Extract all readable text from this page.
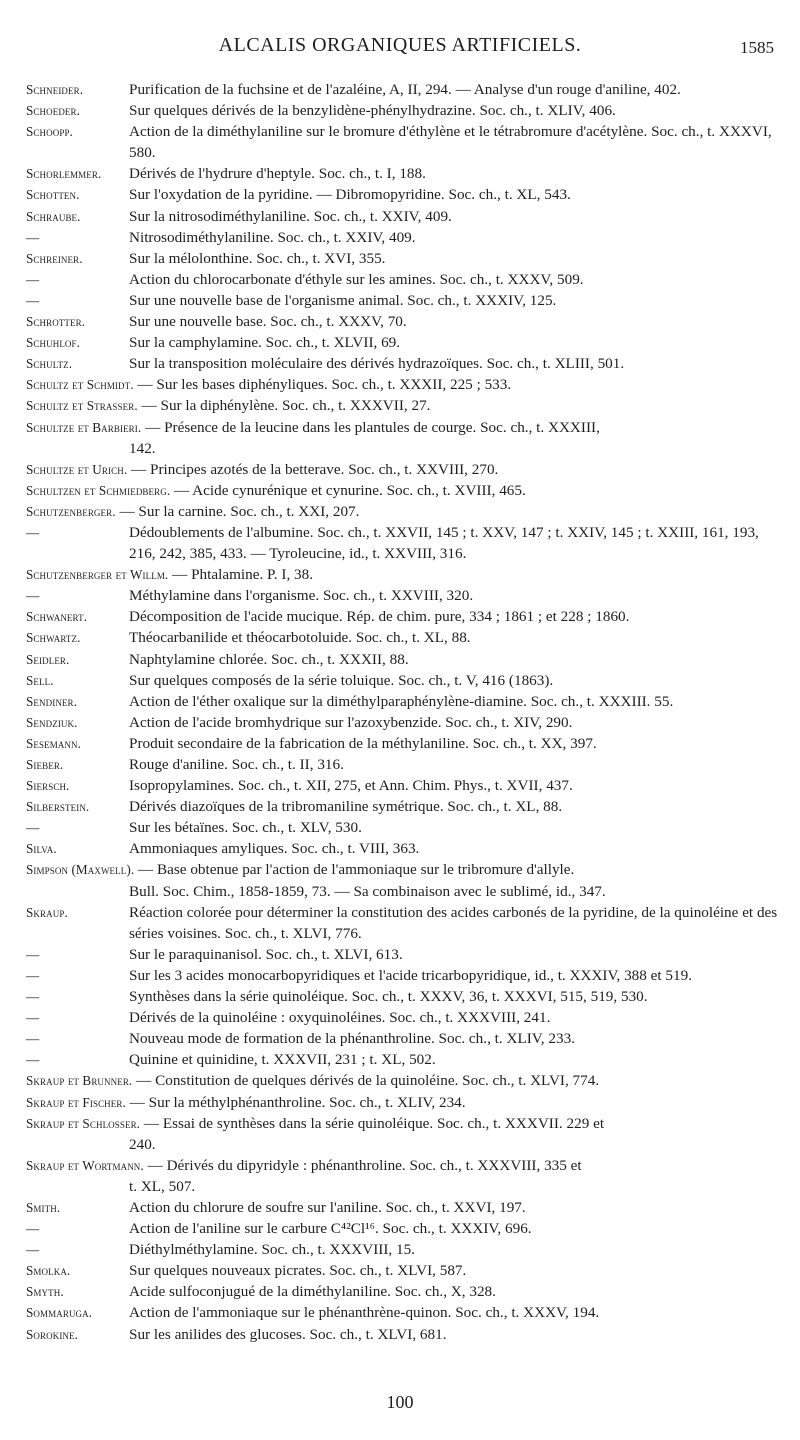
ALCALIS ORGANIQUES ARTIFICIELS.	1585
Schneider.	Purification de la fuchsine et de l'azaléine, A, II, 294. — Analyse d'un rouge d'aniline, 402.
Schoeder.	Sur quelques dérivés de la benzylidène-phénylhydrazine. Soc. ch., t. XLIV, 406.
Schoopp.	Action de la diméthylaniline sur le bromure d'éthylène et le tétrabromure d'acétylène. Soc. ch., t. XXXVI, 580.
Schorlemmer.	Dérivés de l'hydrure d'heptyle. Soc. ch., t. I, 188.
Schotten.	Sur l'oxydation de la pyridine. — Dibromopyridine. Soc. ch., t. XL, 543.
Schraube.	Sur la nitrosodiméthylaniline. Soc. ch., t. XXIV, 409.
—	Nitrosodiméthylaniline. Soc. ch., t. XXIV, 409.
Schreiner.	Sur la mélolonthine. Soc. ch., t. XVI, 355.
—	Action du chlorocarbonate d'éthyle sur les amines. Soc. ch., t. XXXV, 509.
—	Sur une nouvelle base de l'organisme animal. Soc. ch., t. XXXIV, 125.
Schrotter.	Sur une nouvelle base. Soc. ch., t. XXXV, 70.
Schuhlof.	Sur la camphylamine. Soc. ch., t. XLVII, 69.
Schultz.	Sur la transposition moléculaire des dérivés hydrazoïques. Soc. ch., t. XLIII, 501.
Schultz et Schmidt. — Sur les bases diphényliques. Soc. ch., t. XXXII, 225 ; 533.
Schultz et Strasser. — Sur la diphénylène. Soc. ch., t. XXXVII, 27.
Schultze et Barbieri. — Présence de la leucine dans les plantules de courge. Soc. ch., t. XXXIII,
142.
Schultze et Urich. — Principes azotés de la betterave. Soc. ch., t. XXVIII, 270.
Schultzen et Schmiedberg. — Acide cynurénique et cynurine. Soc. ch., t. XVIII, 465.
Schutzenberger. — Sur la carnine. Soc. ch., t. XXI, 207.
—	Dédoublements de l'albumine. Soc. ch., t. XXVII, 145 ; t. XXV, 147 ; t. XXIV, 145 ; t. XXIII, 161, 193, 216, 242, 385, 433. — Tyroleucine, id., t. XXVIII, 316.
Schutzenberger et Willm. — Phtalamine. P. I, 38.
—	Méthylamine dans l'organisme. Soc. ch., t. XXVIII, 320.
Schwanert.	Décomposition de l'acide mucique. Rép. de chim. pure, 334 ; 1861 ; et 228 ; 1860.
Schwartz.	Théocarbanilide et théocarbotoluide. Soc. ch., t. XL, 88.
Seidler.	Naphtylamine chlorée. Soc. ch., t. XXXII, 88.
Sell.	Sur quelques composés de la série toluique. Soc. ch., t. V, 416 (1863).
Sendiner.	Action de l'éther oxalique sur la diméthylparaphénylène-diamine. Soc. ch., t. XXXIII. 55.
Sendziuk.	Action de l'acide bromhydrique sur l'azoxybenzide. Soc. ch., t. XIV, 290.
Sesemann.	Produit secondaire de la fabrication de la méthylaniline. Soc. ch., t. XX, 397.
Sieber.	Rouge d'aniline. Soc. ch., t. II, 316.
Siersch.	Isopropylamines. Soc. ch., t. XII, 275, et Ann. Chim. Phys., t. XVII, 437.
Silberstein.	Dérivés diazoïques de la tribromaniline symétrique. Soc. ch., t. XL, 88.
—	Sur les bétaïnes. Soc. ch., t. XLV, 530.
Silva.	Ammoniaques amyliques. Soc. ch., t. VIII, 363.
Simpson (Maxwell). — Base obtenue par l'action de l'ammoniaque sur le tribromure d'allyle.
Bull. Soc. Chim., 1858-1859, 73. — Sa combinaison avec le sublimé, id., 347.
Skraup.	Réaction colorée pour déterminer la constitution des acides carbonés de la pyridine, de la quinoléine et des séries voisines. Soc. ch., t. XLVI, 776.
—	Sur le paraquinanisol. Soc. ch., t. XLVI, 613.
—	Sur les 3 acides monocarbopyridiques et l'acide tricarbopyridique, id., t. XXXIV, 388 et 519.
—	Synthèses dans la série quinoléique. Soc. ch., t. XXXV, 36, t. XXXVI, 515, 519, 530.
—	Dérivés de la quinoléine : oxyquinoléines. Soc. ch., t. XXXVIII, 241.
—	Nouveau mode de formation de la phénanthroline. Soc. ch., t. XLIV, 233.
—	Quinine et quinidine, t. XXXVII, 231 ; t. XL, 502.
Skraup et Brunner. — Constitution de quelques dérivés de la quinoléine. Soc. ch., t. XLVI, 774.
Skraup et Fischer. — Sur la méthylphénanthroline. Soc. ch., t. XLIV, 234.
Skraup et Schlosser. — Essai de synthèses dans la série quinoléique. Soc. ch., t. XXXVII. 229 et
240.
Skraup et Wortmann. — Dérivés du dipyridyle : phénanthroline. Soc. ch., t. XXXVIII, 335 et
t. XL, 507.
Smith.	Action du chlorure de soufre sur l'aniline. Soc. ch., t. XXVI, 197.
—	Action de l'aniline sur le carbure C⁴²Cl¹⁶. Soc. ch., t. XXXIV, 696.
—	Diéthylméthylamine. Soc. ch., t. XXXVIII, 15.
Smolka.	Sur quelques nouveaux picrates. Soc. ch., t. XLVI, 587.
Smyth.	Acide sulfoconjugué de la diméthylaniline. Soc. ch., X, 328.
Sommaruga.	Action de l'ammoniaque sur le phénanthrène-quinon. Soc. ch., t. XXXV, 194.
Sorokine.	Sur les anilides des glucoses. Soc. ch., t. XLVI, 681.
100
